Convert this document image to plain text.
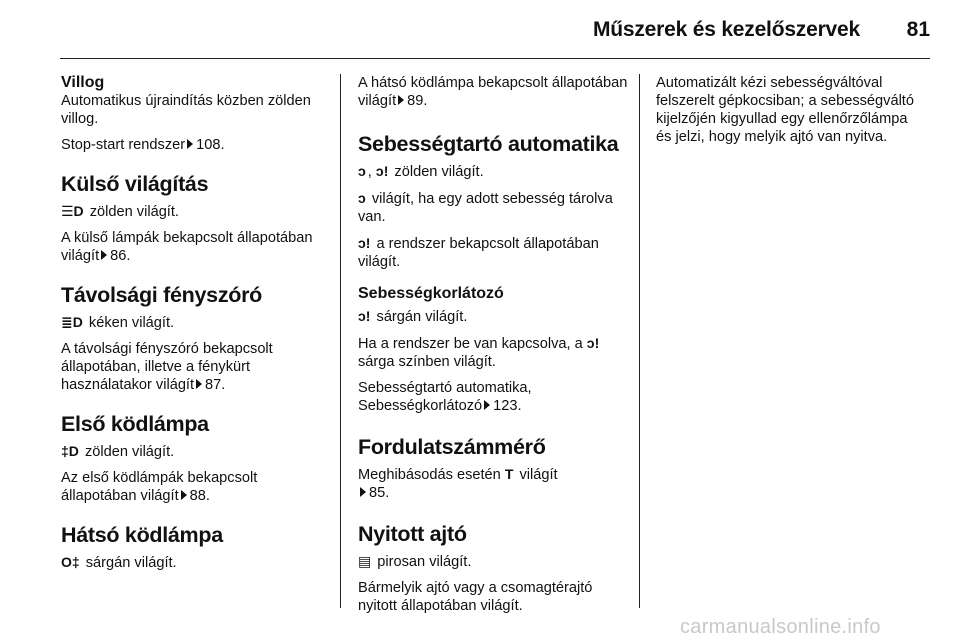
Műszerek és kezelőszervek	81
Villog

Automatikus újraindítás közben zölden villog.

Stop-start rendszer 108.

Külső világítás

☰D zölden világít.

A külső lámpák bekapcsolt állapotában világít 86.

Távolsági fényszóró

≣D kéken világít.

A távolsági fényszóró bekapcsolt állapotában, illetve a fénykürt használatakor világít 87.

Első ködlámpa

‡D zölden világít.

Az első ködlámpák bekapcsolt állapotában világít 88.

Hátsó ködlámpa

O‡ sárgán világít.

A hátsó ködlámpa bekapcsolt állapotában világít 89.

Sebességtartó automatika

ↄ , ↄ! zölden világít.

ↄ világít, ha egy adott sebesség tárolva van.

ↄ! a rendszer bekapcsolt állapotában világít.

Sebességkorlátozó

ↄ! sárgán világít.

Ha a rendszer be van kapcsolva, a ↄ! sárga színben világít.

Sebességtartó automatika, Sebességkorlátozó 123.

Fordulatszámmérő

Meghibásodás esetén T világít
85.

Nyitott ajtó

▤ pirosan világít.

Bármelyik ajtó vagy a csomagtérajtó nyitott állapotában világít.

Automatizált kézi sebességváltóval felszerelt gépkocsiban; a sebességváltó kijelzőjén kigyullad egy ellenőrzőlámpa és jelzi, hogy melyik ajtó van nyitva.

carmanualsonline.info
